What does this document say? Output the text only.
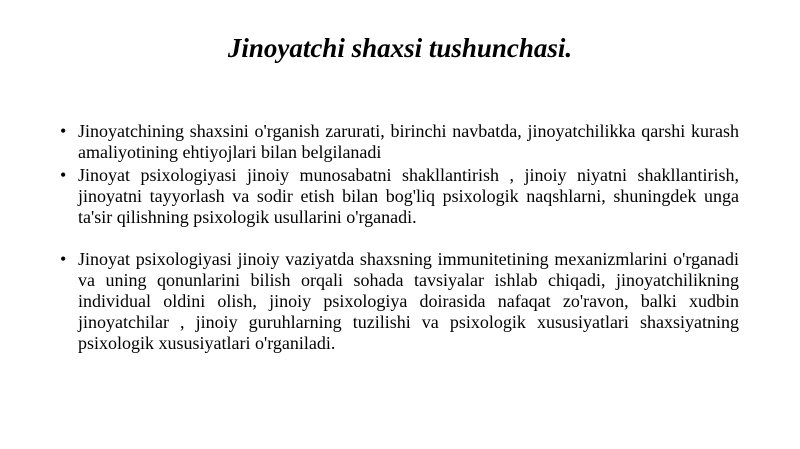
Jinoyatchi shaxsi tushunchasi.
• Jinoyatchining shaxsini o'rganish zarurati, birinchi navbatda, jinoyatchilikka qarshi kurash amaliyotining ehtiyojlari bilan belgilanadi
• Jinoyat psixologiyasi jinoiy munosabatni shakllantirish , jinoiy niyatni shakllantirish, jinoyatni tayyorlash va sodir etish bilan bog'liq psixologik naqshlarni, shuningdek unga ta'sir qilishning psixologik usullarini o'rganadi.
• Jinoyat psixologiyasi jinoiy vaziyatda shaxsning immunitetining mexanizmlarini o'rganadi va uning qonunlarini bilish orqali sohada tavsiyalar ishlab chiqadi, jinoyatchilikning individual oldini olish, jinoiy psixologiya doirasida nafaqat zo'ravon, balki xudbin jinoyatchilar , jinoiy guruhlarning tuzilishi va psixologik xususiyatlari shaxsiyatning psixologik xususiyatlari o'rganiladi.
